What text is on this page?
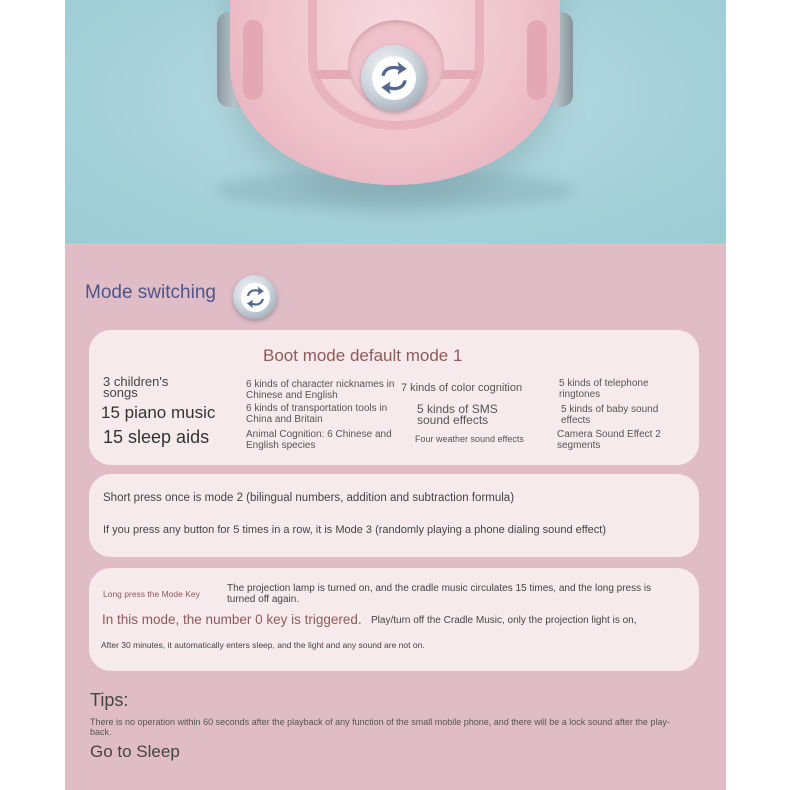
Mode switching
Boot mode default mode 1
3 children's
songs
15 piano music
15 sleep aids
6 kinds of character nicknames in
Chinese and English
6 kinds of transportation tools in
China and Britain
Animal Cognition: 6 Chinese and
English species
7 kinds of color cognition
5 kinds of SMS
sound effects
Four weather sound effects
5 kinds of telephone
ringtones
5 kinds of baby sound
effects
Camera Sound Effect 2
segments
Short press once is mode 2 (bilingual numbers, addition and subtraction formula)
If you press any button for 5 times in a row, it is Mode 3 (randomly playing a phone dialing sound effect)
Long press the Mode Key	The projection lamp is turned on, and the cradle music circulates 15 times, and the long press is
turned off again.
In this mode, the number 0 key is triggered. Play/turn off the Cradle Music, only the projection light is on,
After 30 minutes, it automatically enters sleep, and the light and any sound are not on.
Tips:
There is no operation within 60 seconds after the playback of any function of the small mobile phone, and there will be a lock sound after the play-back.
Go to Sleep
